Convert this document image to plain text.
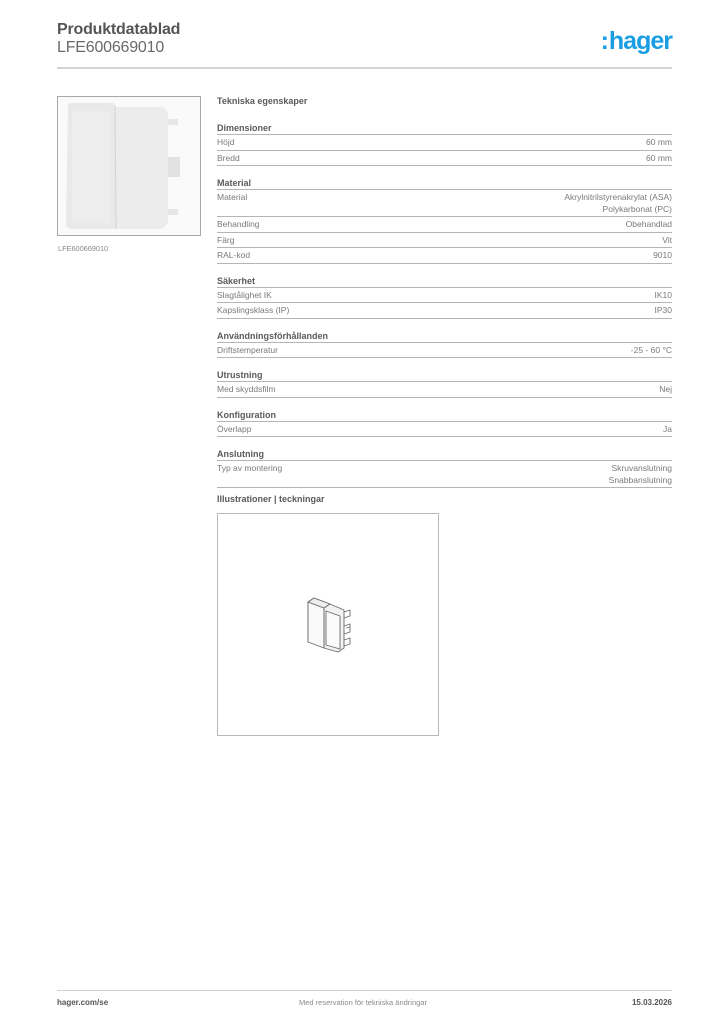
Produktdatablad
LFE600669010	:hager
LFE600669010
Tekniska egenskaper
Dimensioner
Höjd	60 mm
Bredd	60 mm
Material
Material	Akrylnitrilstyrenakrylat (ASA)
Polykarbonat (PC)
Behandling	Obehandlad
Färg	Vit
RAL-kod	9010
Säkerhet
Slagtålighet IK	IK10
Kapslingsklass (IP)	IP30
Användningsförhållanden
Driftstemperatur	-25 - 60 °C
Utrustning
Med skyddsfilm	Nej
Konfiguration
Överlapp	Ja
Anslutning
Typ av montering	Skruvanslutning
Snabbanslutning
Illustrationer | teckningar
hager.com/se	Med reservation för tekniska ändringar	15.03.2026
